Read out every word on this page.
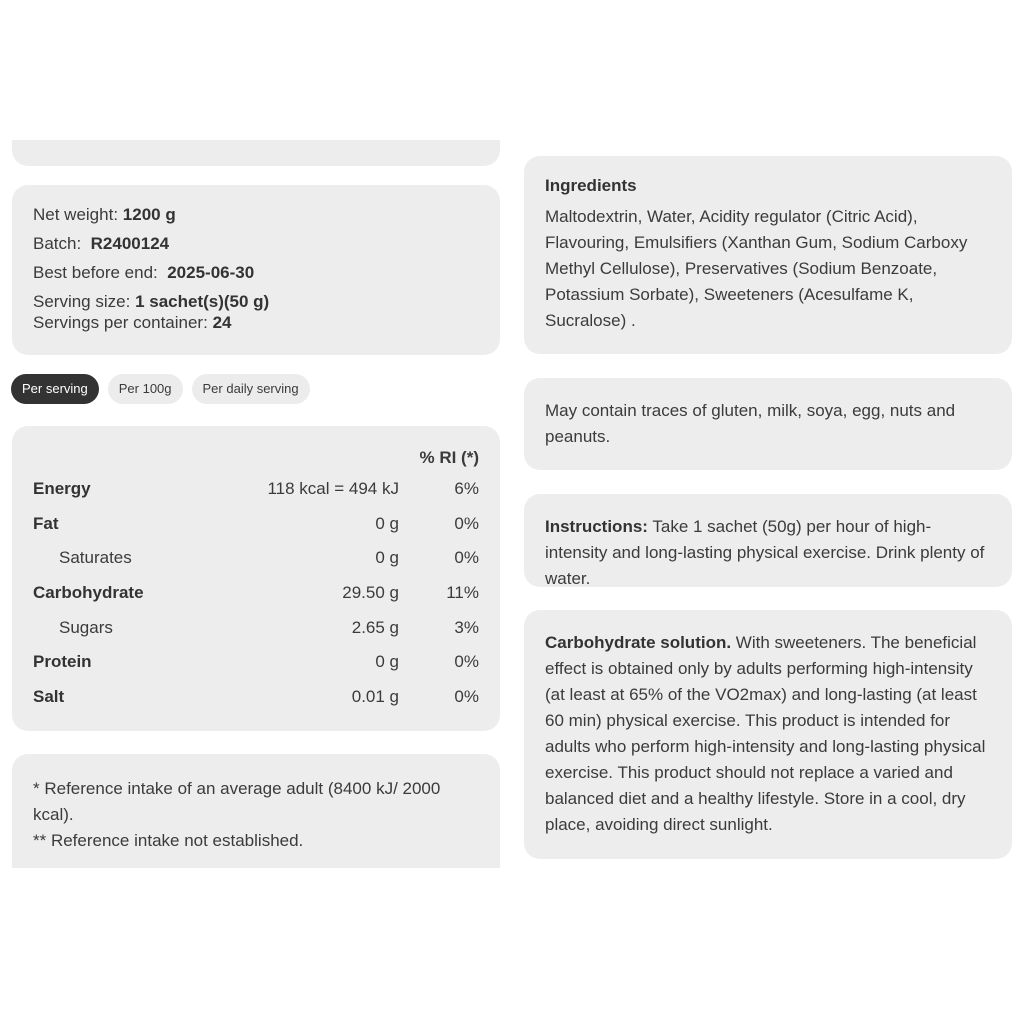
Net weight: 1200 g
Batch: R2400124
Best before end: 2025-06-30
Serving size: 1 sachet(s)(50 g)
Servings per container: 24
Per serving	Per 100g	Per daily serving
		% RI (*)
Energy	118 kcal = 494 kJ	6%
Fat	0 g	0%
Saturates	0 g	0%
Carbohydrate	29.50 g	11%
Sugars	2.65 g	3%
Protein	0 g	0%
Salt	0.01 g	0%
* Reference intake of an average adult (8400 kJ/ 2000 kcal).
** Reference intake not established.
Ingredients
Maltodextrin, Water, Acidity regulator (Citric Acid), Flavouring, Emulsifiers (Xanthan Gum, Sodium Carboxy Methyl Cellulose), Preservatives (Sodium Benzoate, Potassium Sorbate), Sweeteners (Acesulfame K, Sucralose) .
May contain traces of gluten, milk, soya, egg, nuts and peanuts.
Instructions: Take 1 sachet (50g) per hour of high-intensity and long-lasting physical exercise. Drink plenty of water.
Carbohydrate solution. With sweeteners. The beneficial effect is obtained only by adults performing high-intensity (at least at 65% of the VO2max) and long-lasting (at least 60 min) physical exercise. This product is intended for adults who perform high-intensity and long-lasting physical exercise. This product should not replace a varied and balanced diet and a healthy lifestyle. Store in a cool, dry place, avoiding direct sunlight.
